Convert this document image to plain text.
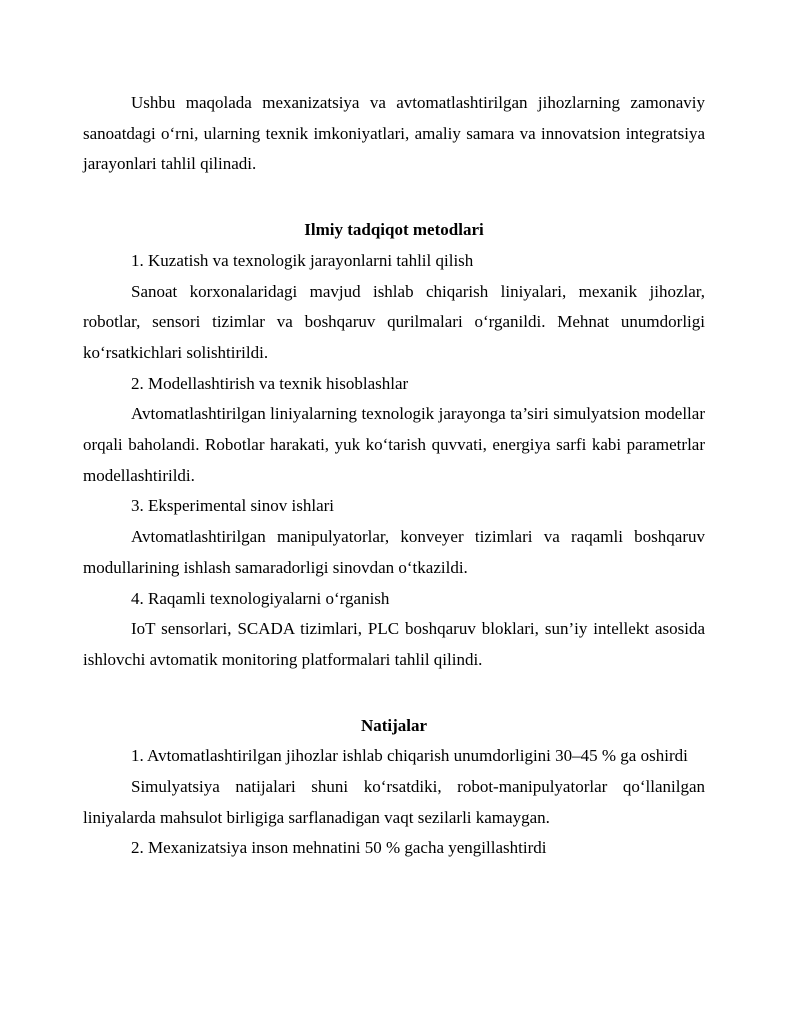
Ushbu maqolada mexanizatsiya va avtomatlashtirilgan jihozlarning zamonaviy sanoatdagi o‘rni, ularning texnik imkoniyatlari, amaliy samara va innovatsion integratsiya jarayonlari tahlil qilinadi.

Ilmiy tadqiqot metodlari

1. Kuzatish va texnologik jarayonlarni tahlil qilish

Sanoat korxonalaridagi mavjud ishlab chiqarish liniyalari, mexanik jihozlar, robotlar, sensori tizimlar va boshqaruv qurilmalari o‘rganildi. Mehnat unumdorligi ko‘rsatkichlari solishtirildi.

2. Modellashtirish va texnik hisoblashlar

Avtomatlashtirilgan liniyalarning texnologik jarayonga ta’siri simulyatsion modellar orqali baholandi. Robotlar harakati, yuk ko‘tarish quvvati, energiya sarfi kabi parametrlar modellashtirildi.

3. Eksperimental sinov ishlari

Avtomatlashtirilgan manipulyatorlar, konveyer tizimlari va raqamli boshqaruv modullarining ishlash samaradorligi sinovdan o‘tkazildi.

4. Raqamli texnologiyalarni o‘rganish

IoT sensorlari, SCADA tizimlari, PLC boshqaruv bloklari, sun’iy intellekt asosida ishlovchi avtomatik monitoring platformalari tahlil qilindi.

Natijalar

1. Avtomatlashtirilgan jihozlar ishlab chiqarish unumdorligini 30–45 % ga oshirdi

Simulyatsiya natijalari shuni ko‘rsatdiki, robot-manipulyatorlar qo‘llanilgan liniyalarda mahsulot birligiga sarflanadigan vaqt sezilarli kamaygan.

2. Mexanizatsiya inson mehnatini 50 % gacha yengillashtirdi
